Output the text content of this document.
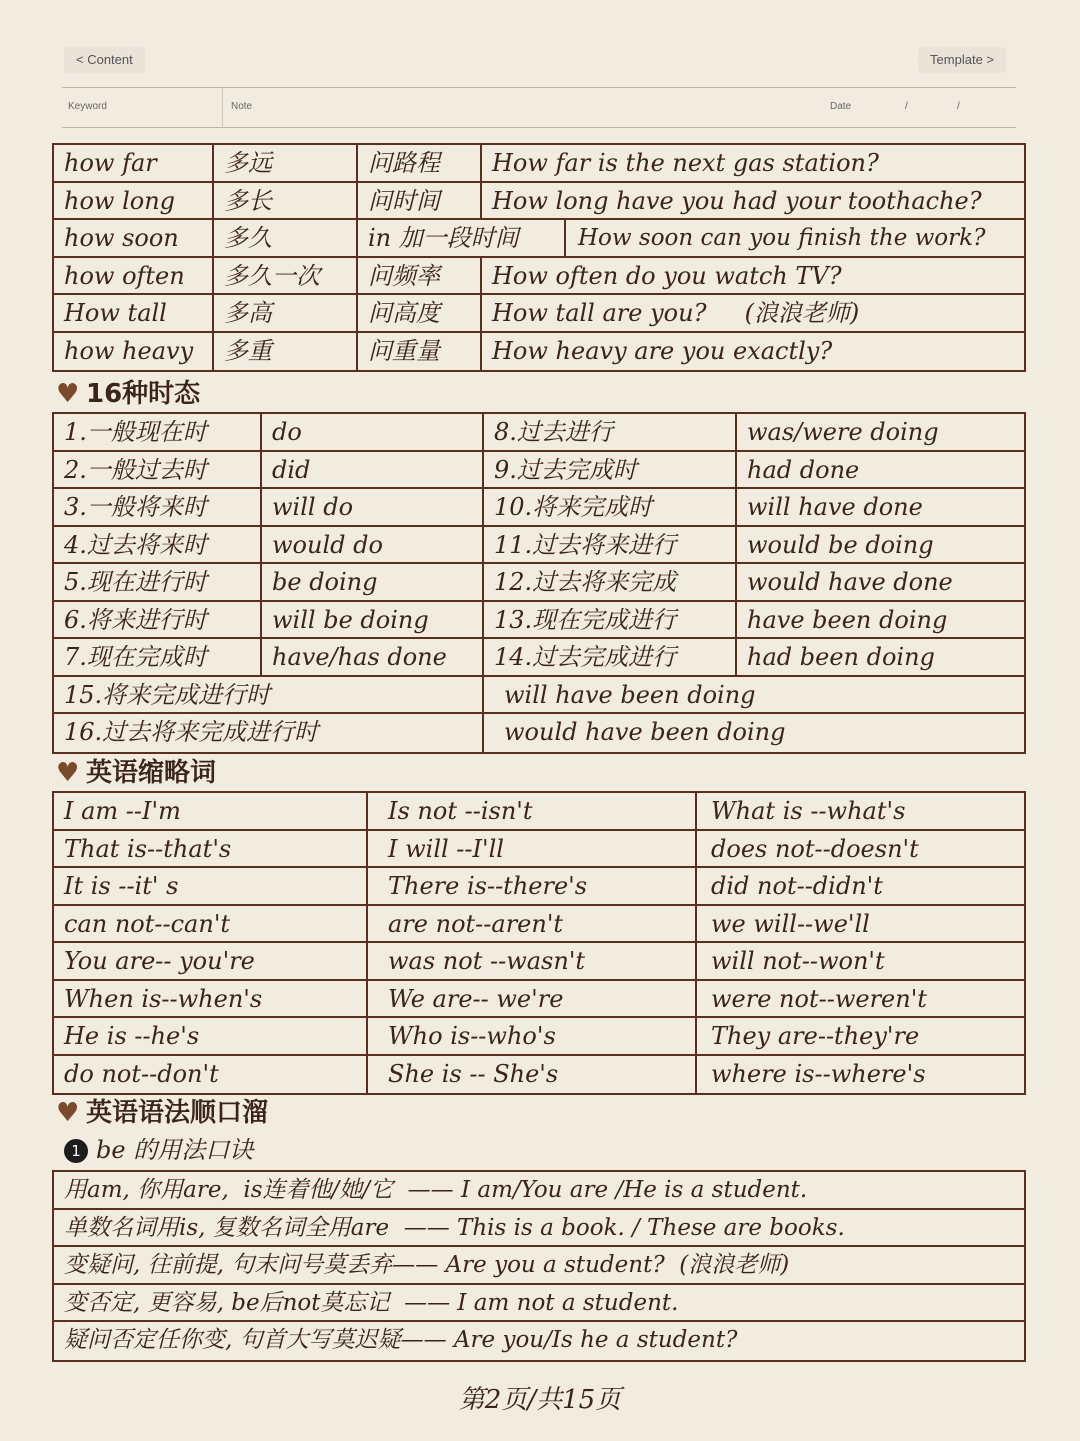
< Content	Template >
Keyword	Note	Date	/	/
how far	多远	问路程	How far is the next gas station?
how long	多长	问时间	How long have you had your toothache?
how soon	多久	in 加一段时间	How soon can you finish the work?
how often	多久一次	问频率	How often do you watch TV?
How tall	多高	问高度	How tall are you?     (浪浪老师)
how heavy	多重	问重量	How heavy are you exactly?
♥ 16种时态
1.一般现在时	do	8.过去进行	was/were doing
2.一般过去时	did	9.过去完成时	had done
3.一般将来时	will do	10.将来完成时	will have done
4.过去将来时	would do	11.过去将来进行	would be doing
5.现在进行时	be doing	12.过去将来完成	would have done
6.将来进行时	will be doing	13.现在完成进行	have been doing
7.现在完成时	have/has done	14.过去完成进行	had been doing
15.将来完成进行时	will have been doing
16.过去将来完成进行时	would have been doing
♥ 英语缩略词
I am --I'm	Is not --isn't	What is --what's
That is--that's	I will --I'll	does not--doesn't
It is --it' s	There is--there's	did not--didn't
can not--can't	are not--aren't	we will--we'll
You are-- you're	was not --wasn't	will not--won't
When is--when's	We are-- we're	were not--weren't
He is --he's	Who is--who's	They are--they're
do not--don't	She is -- She's	where is--where's
♥ 英语语法顺口溜
1 be 的用法口诀
用am, 你用are,  is连着他/她/它  —— I am/You are /He is a student.
单数名词用is, 复数名词全用are  —— This is a book. / These are books.
变疑问, 往前提, 句末问号莫丢弃—— Are you a student?  (浪浪老师)
变否定, 更容易, be后not莫忘记  —— I am not a student.
疑问否定任你变, 句首大写莫迟疑—— Are you/Is he a student?
第2页/共15页
